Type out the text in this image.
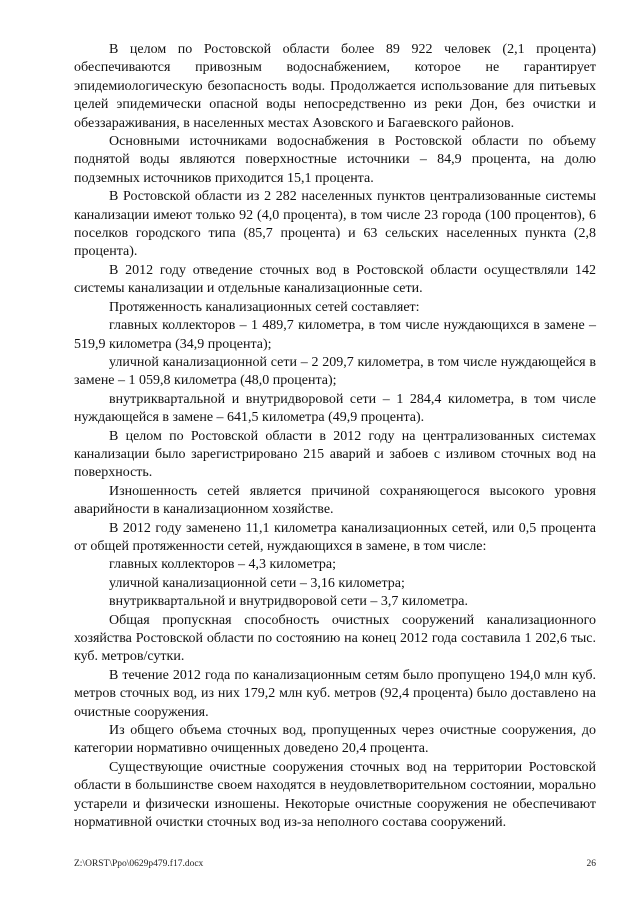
В целом по Ростовской области более 89 922 человек (2,1 процента) обеспечиваются привозным водоснабжением, которое не гарантирует эпидемиологическую безопасность воды. Продолжается использование для питьевых целей эпидемически опасной воды непосредственно из реки Дон, без очистки и обеззараживания, в населенных местах Азовского и Багаевского районов.

Основными источниками водоснабжения в Ростовской области по объему поднятой воды являются поверхностные источники – 84,9 процента, на долю подземных источников приходится 15,1 процента.

В Ростовской области из 2 282 населенных пунктов централизованные системы канализации имеют только 92 (4,0 процента), в том числе 23 города (100 процентов), 6 поселков городского типа (85,7 процента) и 63 сельских населенных пункта (2,8 процента).

В 2012 году отведение сточных вод в Ростовской области осуществляли 142 системы канализации и отдельные канализационные сети.

Протяженность канализационных сетей составляет:

главных коллекторов – 1 489,7 километра, в том числе нуждающихся в замене – 519,9 километра (34,9 процента);

уличной канализационной сети – 2 209,7 километра, в том числе нуждающейся в замене – 1 059,8 километра (48,0 процента);

внутриквартальной и внутридворовой сети – 1 284,4 километра, в том числе нуждающейся в замене – 641,5 километра (49,9 процента).

В целом по Ростовской области в 2012 году на централизованных системах канализации было зарегистрировано 215 аварий и забоев с изливом сточных вод на поверхность.

Изношенность сетей является причиной сохраняющегося высокого уровня аварийности в канализационном хозяйстве.

В 2012 году заменено 11,1 километра канализационных сетей, или 0,5 процента от общей протяженности сетей, нуждающихся в замене, в том числе:

главных коллекторов – 4,3 километра;

уличной канализационной сети – 3,16 километра;

внутриквартальной и внутридворовой сети – 3,7 километра.

Общая пропускная способность очистных сооружений канализационного хозяйства Ростовской области по состоянию на конец 2012 года составила 1 202,6 тыс. куб. метров/сутки.

В течение 2012 года по канализационным сетям было пропущено 194,0 млн куб. метров сточных вод, из них 179,2 млн куб. метров (92,4 процента) было доставлено на очистные сооружения.

Из общего объема сточных вод, пропущенных через очистные сооружения, до категории нормативно очищенных доведено 20,4 процента.

Существующие очистные сооружения сточных вод на территории Ростовской области в большинстве своем находятся в неудовлетворительном состоянии, морально устарели и физически изношены. Некоторые очистные сооружения не обеспечивают нормативной очистки сточных вод из-за неполного состава сооружений.

Z:\ORST\Ppo\0629p479.f17.docx	26
